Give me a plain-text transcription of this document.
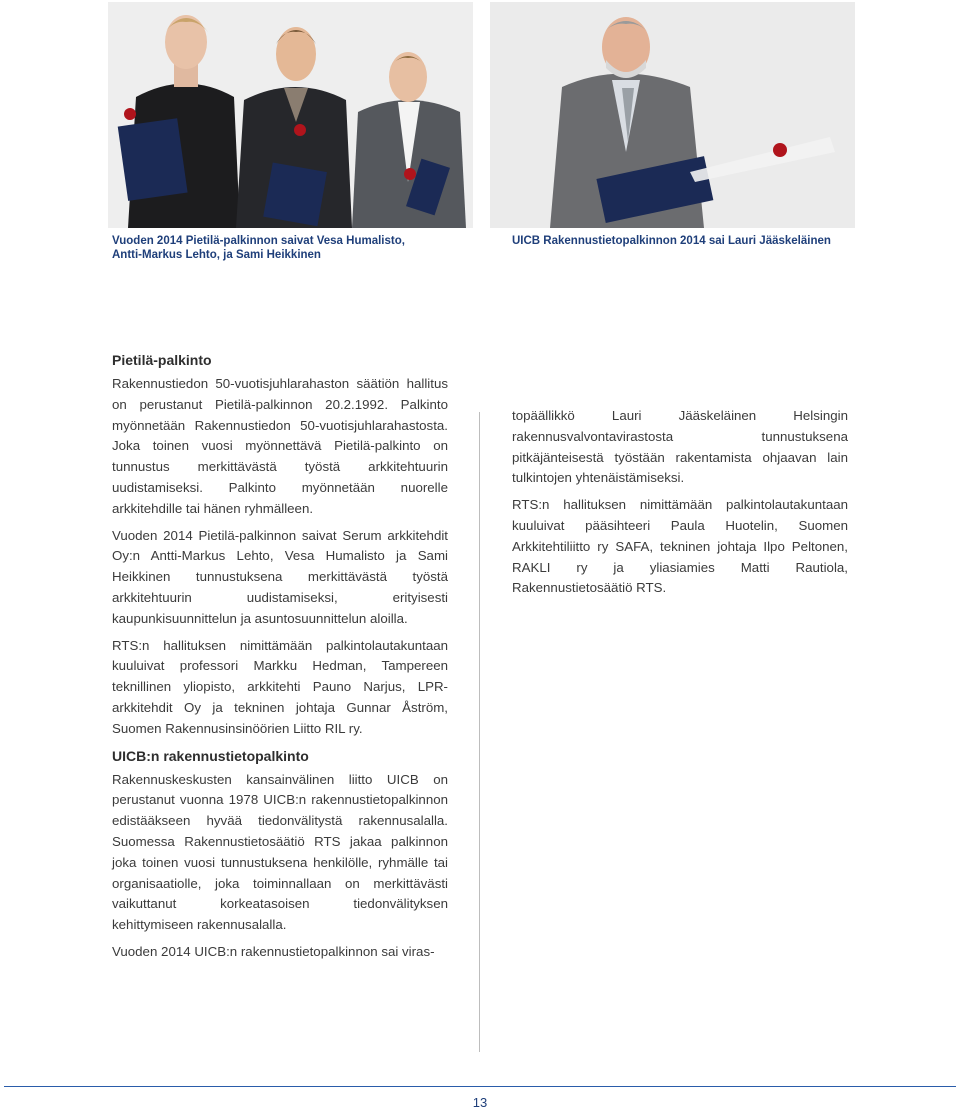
Vuoden 2014 Pietilä-palkinnon saivat Vesa Humalisto,
Antti-Markus Lehto, ja Sami Heikkinen
UICB Rakennustietopalkinnon 2014 sai Lauri Jääskeläinen
Pietilä-palkinto

Rakennustiedon 50-vuotisjuhlarahaston säätiön hallitus on perustanut Pietilä-palkinnon 20.2.1992. Palkinto myönnetään Rakennustiedon 50-vuotisjuhlarahastosta. Joka toinen vuosi myönnettävä Pietilä-palkinto on tunnustus merkittävästä työstä arkkitehtuurin uudistamiseksi. Palkinto myönnetään nuorelle arkkitehdille tai hänen ryhmälleen.

Vuoden 2014 Pietilä-palkinnon saivat Serum arkkitehdit Oy:n Antti-Markus Lehto, Vesa Humalisto ja Sami Heikkinen tunnustuksena merkittävästä työstä arkkitehtuurin uudistamiseksi, erityisesti kaupunkisuunnittelun ja asuntosuunnittelun aloilla.

RTS:n hallituksen nimittämään palkintolautakuntaan kuuluivat professori Markku Hedman, Tampereen teknillinen yliopisto, arkkitehti Pauno Narjus, LPR-arkkitehdit Oy ja tekninen johtaja Gunnar Åström, Suomen Rakennusinsinöörien Liitto RIL ry.

UICB:n rakennustietopalkinto

Rakennuskeskusten kansainvälinen liitto UICB on perustanut vuonna 1978 UICB:n rakennustietopalkinnon edistääkseen hyvää tiedonvälitystä rakennusalalla. Suomessa Rakennustietosäätiö RTS jakaa palkinnon joka toinen vuosi tunnustuksena henkilölle, ryhmälle tai organisaatiolle, joka toiminnallaan on merkittävästi vaikuttanut korkeatasoisen tiedonvälityksen kehittymiseen rakennusalalla.

Vuoden 2014 UICB:n rakennustietopalkinnon sai viras-

topäällikkö Lauri Jääskeläinen Helsingin rakennusvalvontavirastosta tunnustuksena pitkäjänteisestä työstään rakentamista ohjaavan lain tulkintojen yhtenäistämiseksi.

RTS:n hallituksen nimittämään palkintolautakuntaan kuuluivat pääsihteeri Paula Huotelin, Suomen Arkkitehtiliitto ry SAFA, tekninen johtaja Ilpo Peltonen, RAKLI ry ja yliasiamies Matti Rautiola, Rakennustietosäätiö RTS.

13
